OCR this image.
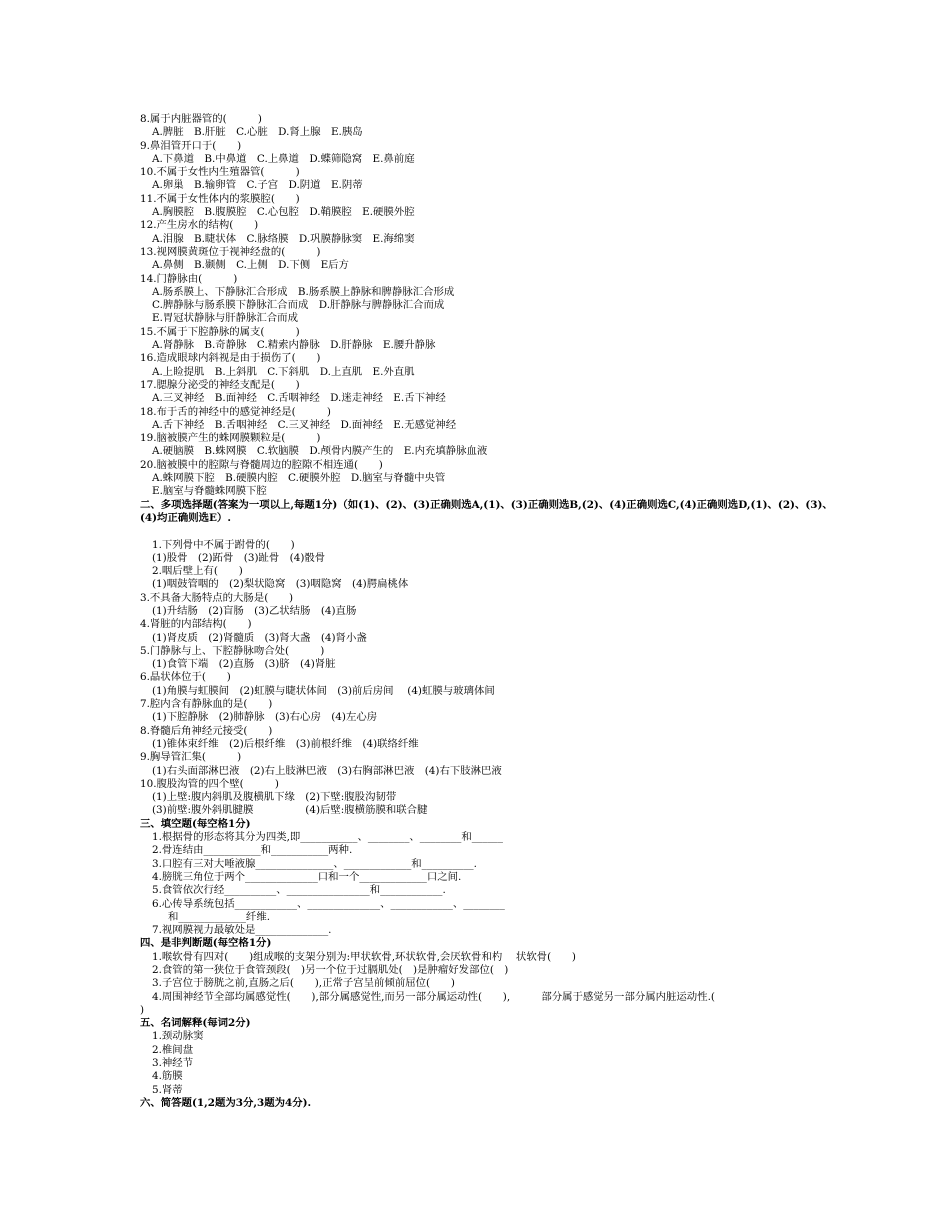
8.属于内脏器管的(　　　)
A.脾脏　B.肝脏　C.心脏　D.肾上腺　E.胰岛
9.鼻泪管开口于(　　)
A.下鼻道　B.中鼻道　C.上鼻道　D.蝶筛隐窝　E.鼻前庭
10.不属于女性内生殖器管(　　　)
A.卵巢　B.输卵管　C.子宫　D.阴道　E.阴蒂
11.不属于女性体内的浆膜腔(　　)
A.胸膜腔　B.腹膜腔　C.心包腔　D.鞘膜腔　E.硬膜外腔
12.产生房水的结构(　　)
A.泪腺　B.睫状体　C.脉络膜　D.巩膜静脉窦　E.海绵窦
13.视网膜黄斑位于视神经盘的(　　　)
A.鼻侧　B.颞侧　C.上侧　D.下侧　E后方
14.门静脉由(　　　)
A.肠系膜上、下静脉汇合形成　B.肠系膜上静脉和脾静脉汇合形成
C.脾静脉与肠系膜下静脉汇合而成　D.肝静脉与脾静脉汇合而成
E.胃冠状静脉与肝静脉汇合而成
15.不属于下腔静脉的属支(　　　)
A.肾静脉　B.奇静脉　C.精索内静脉　D.肝静脉　E.腰升静脉
16.造成眼球内斜视是由于损伤了(　　)
A.上睑提肌　B.上斜肌　C.下斜肌　D.上直肌　E.外直肌
17.腮腺分泌受的神经支配是(　　)
A.三叉神经　B.面神经　C.舌咽神经　D.迷走神经　E.舌下神经
18.布于舌的神经中的感觉神经是(　　　)
A.舌下神经　B.舌咽神经　C.三叉神经　D.面神经　E.无感觉神经
19.脑被膜产生的蛛网膜颗粒是(　　　)
A.硬脑膜　B.蛛网膜　C.软脑膜　D.颅骨内膜产生的　E.内充填静脉血液
20.脑被膜中的腔隙与脊髓周边的腔隙不相连通(　　)
A.蛛网膜下腔　B.硬膜内腔　C.硬膜外腔　D.脑室与脊髓中央管
E.脑室与脊髓蛛网膜下腔
二、多项选择题(答案为一项以上,每题1分)（如(1)、(2)、(3)正确则选A,(1)、(3)正确则选B,(2)、(4)正确则选C,(4)正确则选D,(1)、(2)、(3)、(4)均正确则选E）.
1.下列骨中不属于跗骨的(　　)
(1)股骨　(2)跖骨　(3)趾骨　(4)骰骨
2.咽后壁上有(　　)
(1)咽鼓管咽的　(2)梨状隐窝　(3)咽隐窝　(4)腭扁桃体
3.不具备大肠特点的大肠是(　　)
(1)升结肠　(2)盲肠　(3)乙状结肠　(4)直肠
4.肾脏的内部结构(　　)
(1)肾皮质　(2)肾髓质　(3)肾大盏　(4)肾小盏
5.门静脉与上、下腔静脉吻合处(　　　)
(1)食管下端　(2)直肠　(3)脐　(4)肾脏
6.晶状体位于(　　)
(1)角膜与虹膜间　(2)虹膜与睫状体间　(3)前后房间　 (4)虹膜与玻璃体间
7.腔内含有静脉血的是(　　)
(1)下腔静脉　(2)肺静脉　(3)右心房　(4)左心房
8.脊髓后角神经元接受(　　)
(1)锥体束纤维　(2)后根纤维　(3)前根纤维　(4)联络纤维
9.胸导管汇集(　　　)
(1)右头面部淋巴液　(2)右上肢淋巴液　(3)右胸部淋巴液　(4)右下肢淋巴液
10.腹股沟管的四个壁(　　　)
(1)上壁:腹内斜肌及腹横肌下缘　(2)下壁:腹股沟韧带
(3)前壁:腹外斜肌腱膜　　　　　(4)后壁:腹横筋膜和联合腱
三、填空题(每空格1分)
1.根据骨的形态将其分为四类,即___________、________、________和______
2.骨连结由___________和___________两种.
3.口腔有三对大唾液腺_______________、_____________和__________.
4.膀胱三角位于两个______________口和一个_____________口之间.
5.食管依次行经__________、________________和____________.
6.心传导系统包括____________、______________、____________、________
和_____________纤维.
7.视网膜视力最敏处是______________.
四、是非判断题(每空格1分)
1.喉软骨有四对(　　)组成喉的支架分别为:甲状软骨,环状软骨,会厌软骨和杓　 状软骨(　　)
2.食管的第一狭位于食管颈段(　)另一个位于过膈肌处(　)是肿瘤好发部位(　)
3.子宫位于膀胱之前,直肠之后(　　),正常子宫呈前倾前屈位(　　)
4.周围神经节全部均属感觉性(　　),部分属感觉性,而另一部分属运动性(　　),　　　部分属于感觉另一部分属内脏运动性.(
)
五、名词解释(每词2分)
1.颈动脉窦
2.椎间盘
3.神经节
4.筋膜
5.肾蒂
六、简答题(1,2题为3分,3题为4分).
